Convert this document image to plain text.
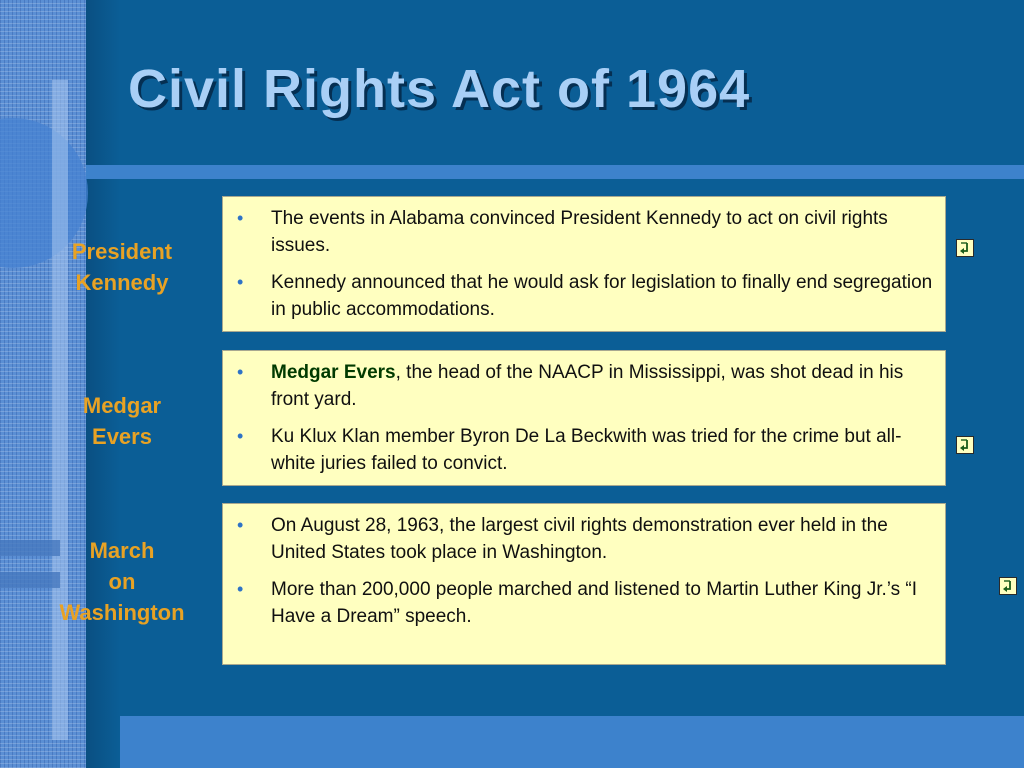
Civil Rights Act of 1964
President
Kennedy
• The events in Alabama convinced President Kennedy to act on civil rights issues.
• Kennedy announced that he would ask for legislation to finally end segregation in public accommodations.
Medgar
Evers
• Medgar Evers, the head of the NAACP in Mississippi, was shot dead in his front yard.
• Ku Klux Klan member Byron De La Beckwith was tried for the crime but all-white juries failed to convict.
March
on
Washington
• On August 28, 1963, the largest civil rights demonstration ever held in the United States took place in Washington.
• More than 200,000 people marched and listened to Martin Luther King Jr.’s “I Have a Dream” speech.
